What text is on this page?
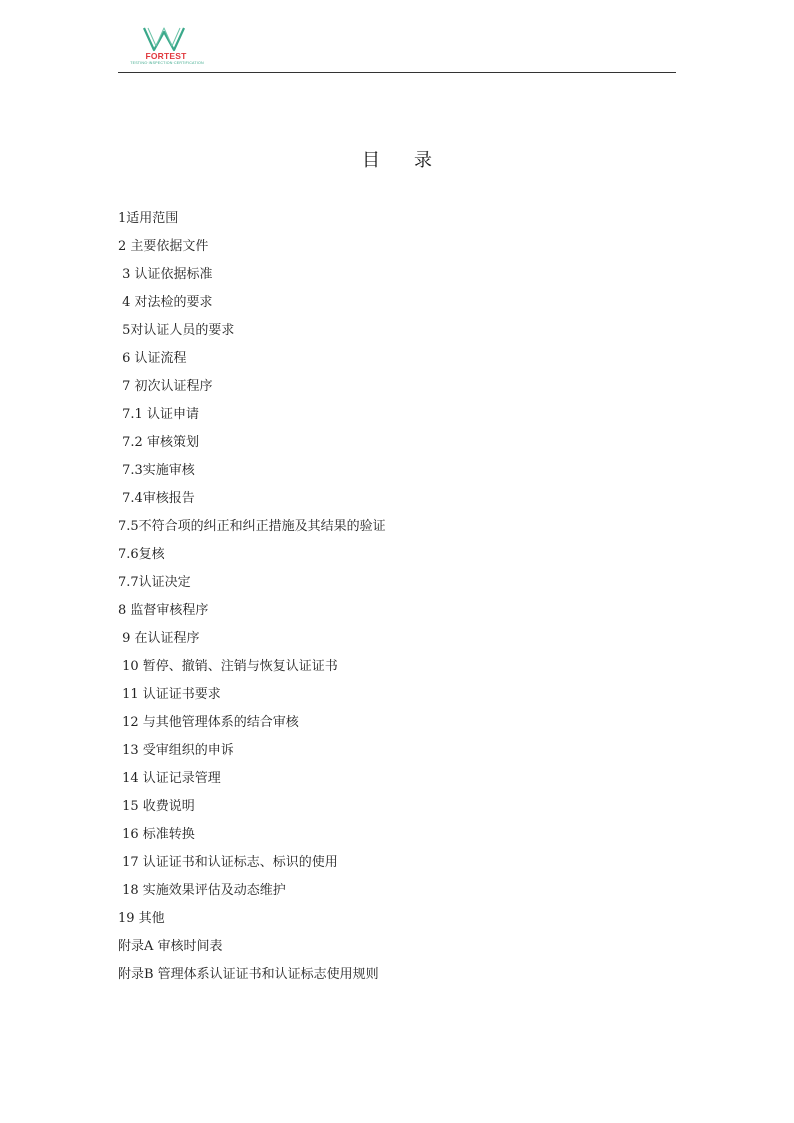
FORTEST
TESTING·INSPECTION·CERTIFICATION
目录
1适用范围
2 主要依据文件
3 认证依据标准
4 对法检的要求
5对认证人员的要求
6 认证流程
7 初次认证程序
7.1 认证申请
7.2 审核策划
7.3实施审核
7.4审核报告
7.5不符合项的纠正和纠正措施及其结果的验证
7.6复核
7.7认证决定
8 监督审核程序
9 在认证程序
10 暂停、撤销、注销与恢复认证证书
11 认证证书要求
12 与其他管理体系的结合审核
13 受审组织的申诉
14 认证记录管理
15 收费说明
16 标准转换
17 认证证书和认证标志、标识的使用
18 实施效果评估及动态维护
19 其他
附录A 审核时间表
附录B 管理体系认证证书和认证标志使用规则
